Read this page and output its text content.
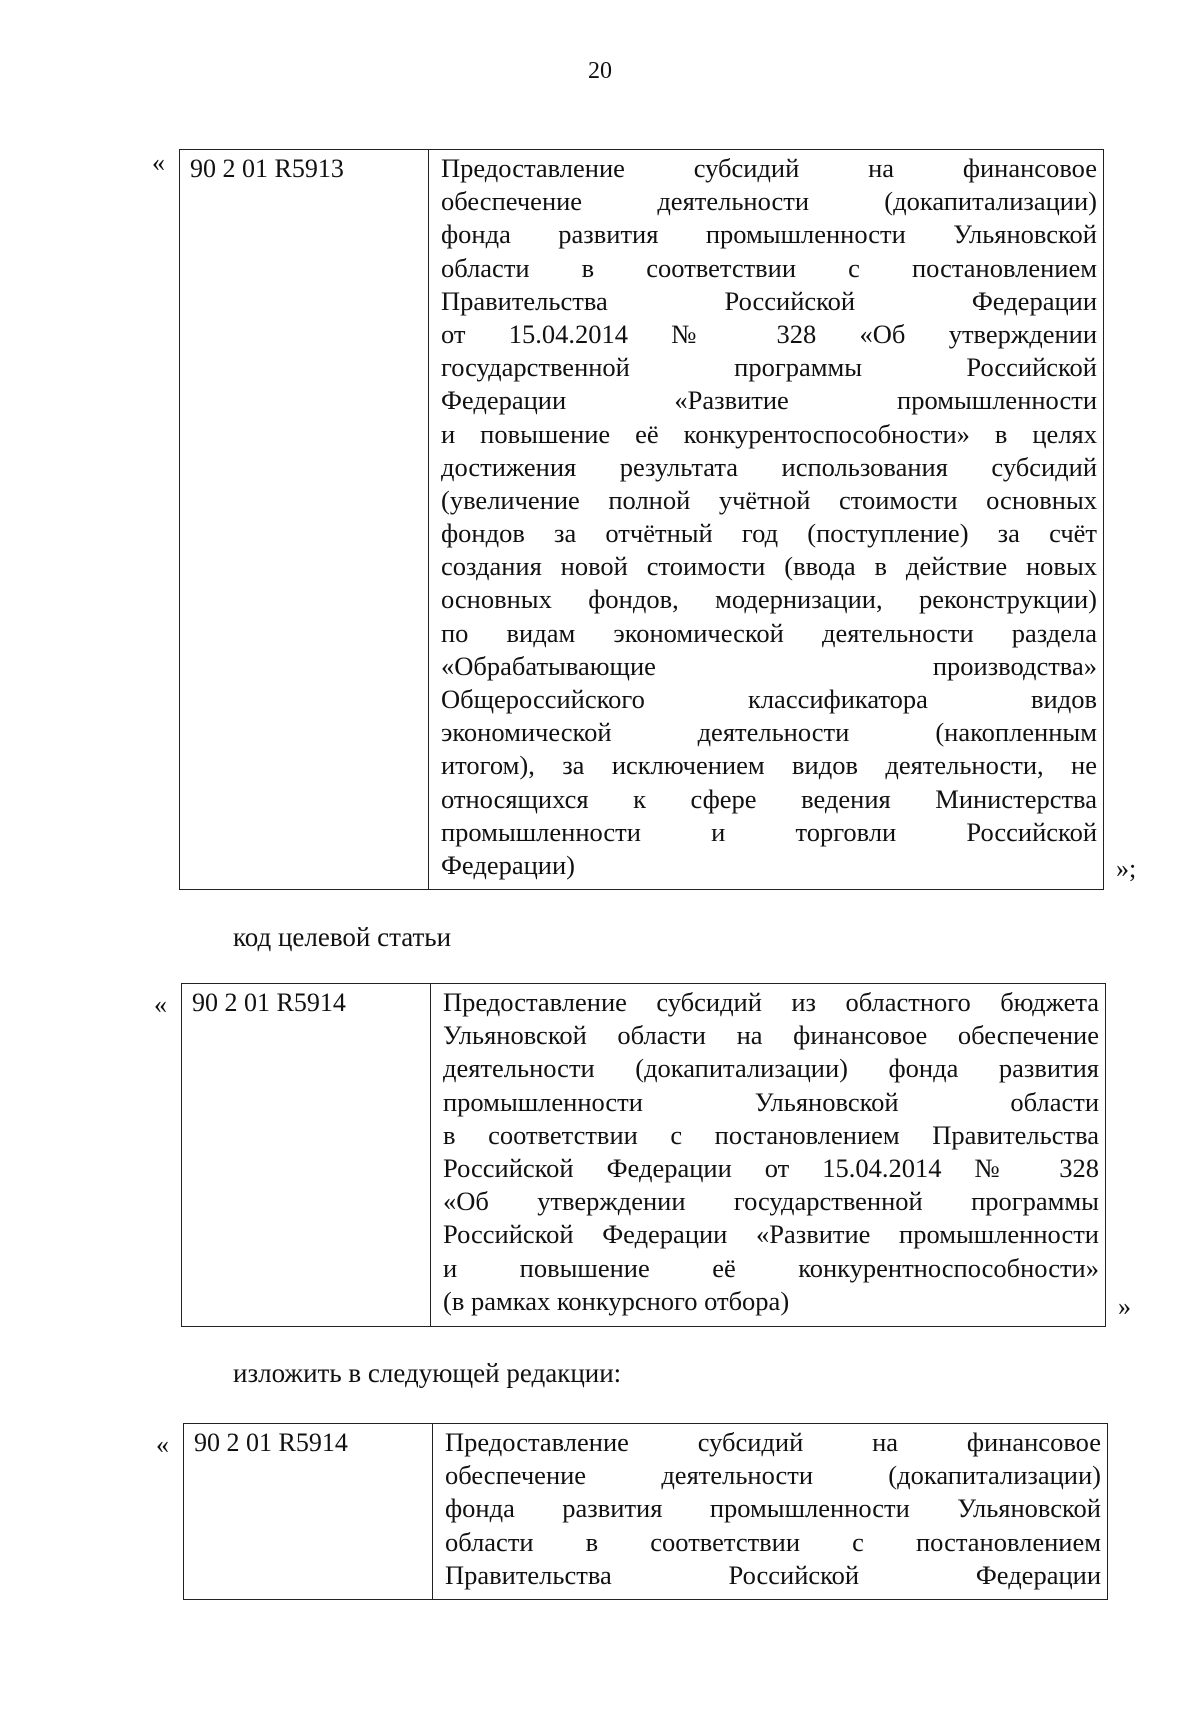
20
« 90 2 01 R5913	Предоставление субсидий на финансовое
обеспечение деятельности (докапитализации)
фонда развития промышленности Ульяновской
области в соответствии с постановлением
Правительства Российской Федерации
от 15.04.2014 № 328 «Об утверждении
государственной программы Российской
Федерации «Развитие промышленности
и повышение её конкурентоспособности» в целях
достижения результата использования субсидий
(увеличение полной учётной стоимости основных
фондов за отчётный год (поступление) за счёт
создания новой стоимости (ввода в действие новых
основных фондов, модернизации, реконструкции)
по видам экономической деятельности раздела
«Обрабатывающие производства»
Общероссийского классификатора видов
экономической деятельности (накопленным
итогом), за исключением видов деятельности, не
относящихся к сфере ведения Министерства
промышленности и торговли Российской
Федерации)	»;
код целевой статьи
« 90 2 01 R5914	Предоставление субсидий из областного бюджета
Ульяновской области на финансовое обеспечение
деятельности (докапитализации) фонда развития
промышленности Ульяновской области
в соответствии с постановлением Правительства
Российской Федерации от 15.04.2014 № 328
«Об утверждении государственной программы
Российской Федерации «Развитие промышленности
и повышение её конкурентноспособности»
(в рамках конкурсного отбора)	»
изложить в следующей редакции:
« 90 2 01 R5914	Предоставление субсидий на финансовое
обеспечение деятельности (докапитализации)
фонда развития промышленности Ульяновской
области в соответствии с постановлением
Правительства Российской Федерации
